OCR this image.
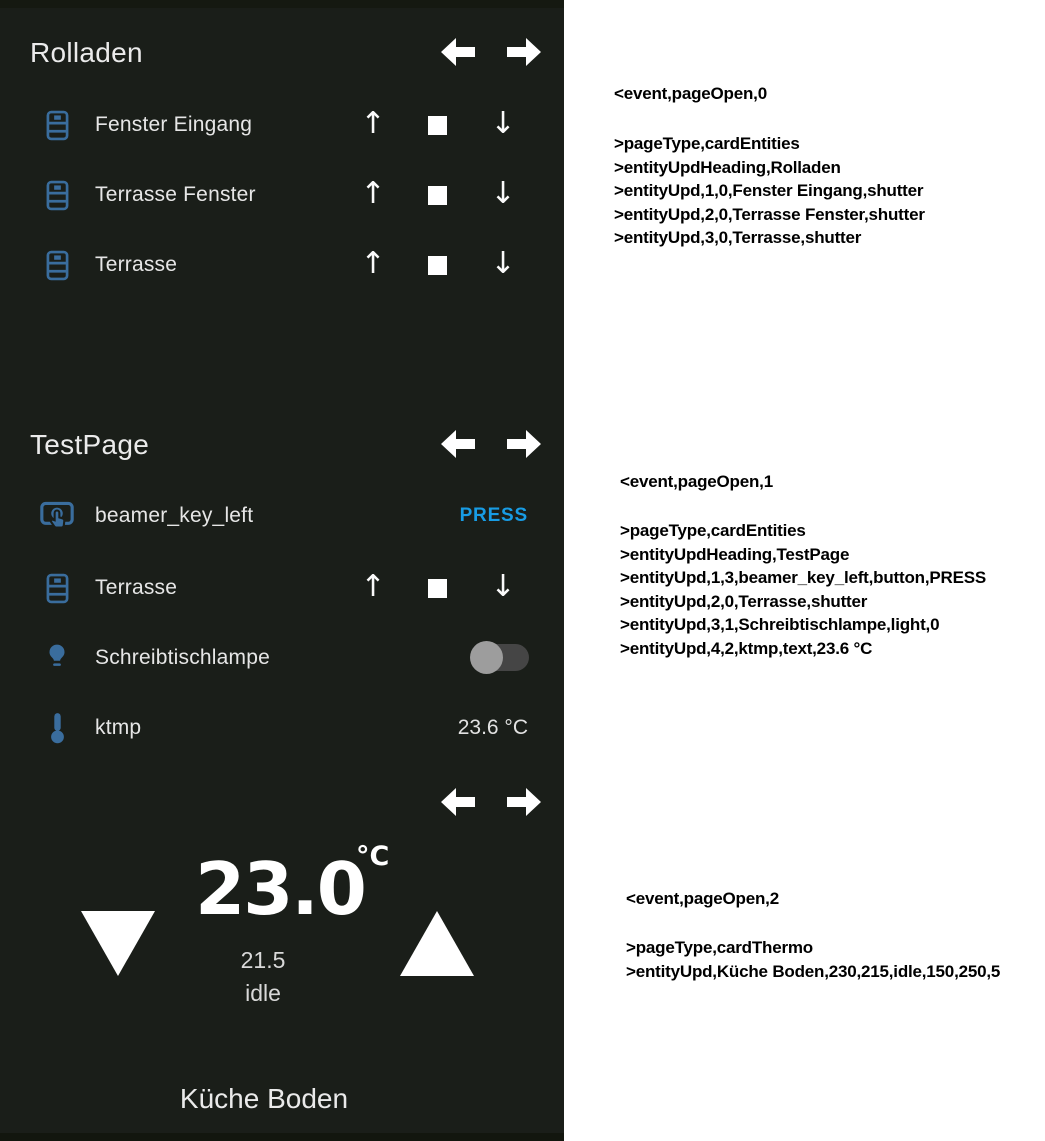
Rolladen
Fenster Eingang	↑	↓
Terrasse Fenster	↑	↓
Terrasse	↑	↓
TestPage
beamer_key_left	PRESS
Terrasse	↑	↓
Schreibtischlampe
ktmp	23.6 °C
23.0
°C
21.5
idle
Küche Boden
<event,pageOpen,0
>pageType,cardEntities
>entityUpdHeading,Rolladen
>entityUpd,1,0,Fenster Eingang,shutter
>entityUpd,2,0,Terrasse Fenster,shutter
>entityUpd,3,0,Terrasse,shutter
<event,pageOpen,1
>pageType,cardEntities
>entityUpdHeading,TestPage
>entityUpd,1,3,beamer_key_left,button,PRESS
>entityUpd,2,0,Terrasse,shutter
>entityUpd,3,1,Schreibtischlampe,light,0
>entityUpd,4,2,ktmp,text,23.6 °C
<event,pageOpen,2
>pageType,cardThermo
>entityUpd,Küche Boden,230,215,idle,150,250,5
